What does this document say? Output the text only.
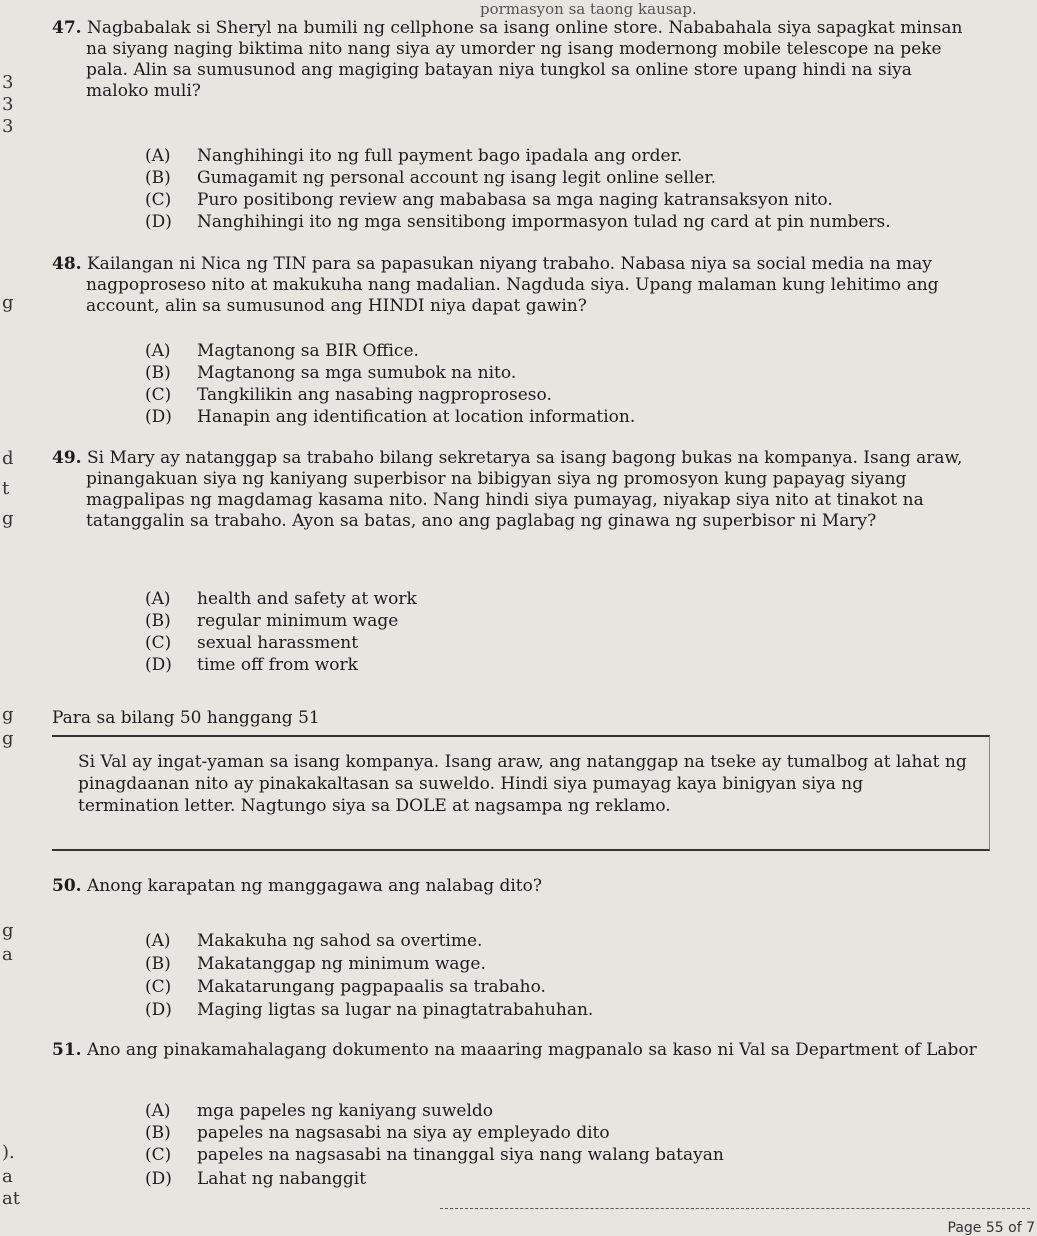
pormasyon sa taong kausap.
3
3
3
g
d
t
g
g
g
g
a
).
a
at
47. Nagbabalak si Sheryl na bumili ng cellphone sa isang online store. Nababahala siya sapagkat minsan na siyang naging biktima nito nang siya ay umorder ng isang modernong mobile telescope na peke pala. Alin sa sumusunod ang magiging batayan niya tungkol sa online store upang hindi na siya maloko muli?
(A) Nanghihingi ito ng full payment bago ipadala ang order.
(B) Gumagamit ng personal account ng isang legit online seller.
(C) Puro positibong review ang mababasa sa mga naging katransaksyon nito.
(D) Nanghihingi ito ng mga sensitibong impormasyon tulad ng card at pin numbers.
48. Kailangan ni Nica ng TIN para sa papasukan niyang trabaho. Nabasa niya sa social media na may nagpoproseso nito at makukuha nang madalian. Nagduda siya. Upang malaman kung lehitimo ang account, alin sa sumusunod ang HINDI niya dapat gawin?
(A) Magtanong sa BIR Office.
(B) Magtanong sa mga sumubok na nito.
(C) Tangkilikin ang nasabing nagproproseso.
(D) Hanapin ang identification at location information.
49. Si Mary ay natanggap sa trabaho bilang sekretarya sa isang bagong bukas na kompanya. Isang araw, pinangakuan siya ng kaniyang superbisor na bibigyan siya ng promosyon kung papayag siyang magpalipas ng magdamag kasama nito. Nang hindi siya pumayag, niyakap siya nito at tinakot na tatanggalin sa trabaho. Ayon sa batas, ano ang paglabag ng ginawa ng superbisor ni Mary?
(A) health and safety at work
(B) regular minimum wage
(C) sexual harassment
(D) time off from work
Para sa bilang 50 hanggang 51
Si Val ay ingat-yaman sa isang kompanya. Isang araw, ang natanggap na tseke ay tumalbog at lahat ng pinagdaanan nito ay pinakakaltasan sa suweldo. Hindi siya pumayag kaya binigyan siya ng termination letter. Nagtungo siya sa DOLE at nagsampa ng reklamo.
50. Anong karapatan ng manggagawa ang nalabag dito?
(A) Makakuha ng sahod sa overtime.
(B) Makatanggap ng minimum wage.
(C) Makatarungang pagpapaalis sa trabaho.
(D) Maging ligtas sa lugar na pinagtatrabahuhan.
51. Ano ang pinakamahalagang dokumento na maaaring magpanalo sa kaso ni Val sa Department of Labor
(A) mga papeles ng kaniyang suweldo
(B) papeles na nagsasabi na siya ay empleyado dito
(C) papeles na nagsasabi na tinanggal siya nang walang batayan
(D) Lahat ng nabanggit
Page 55 of 7
